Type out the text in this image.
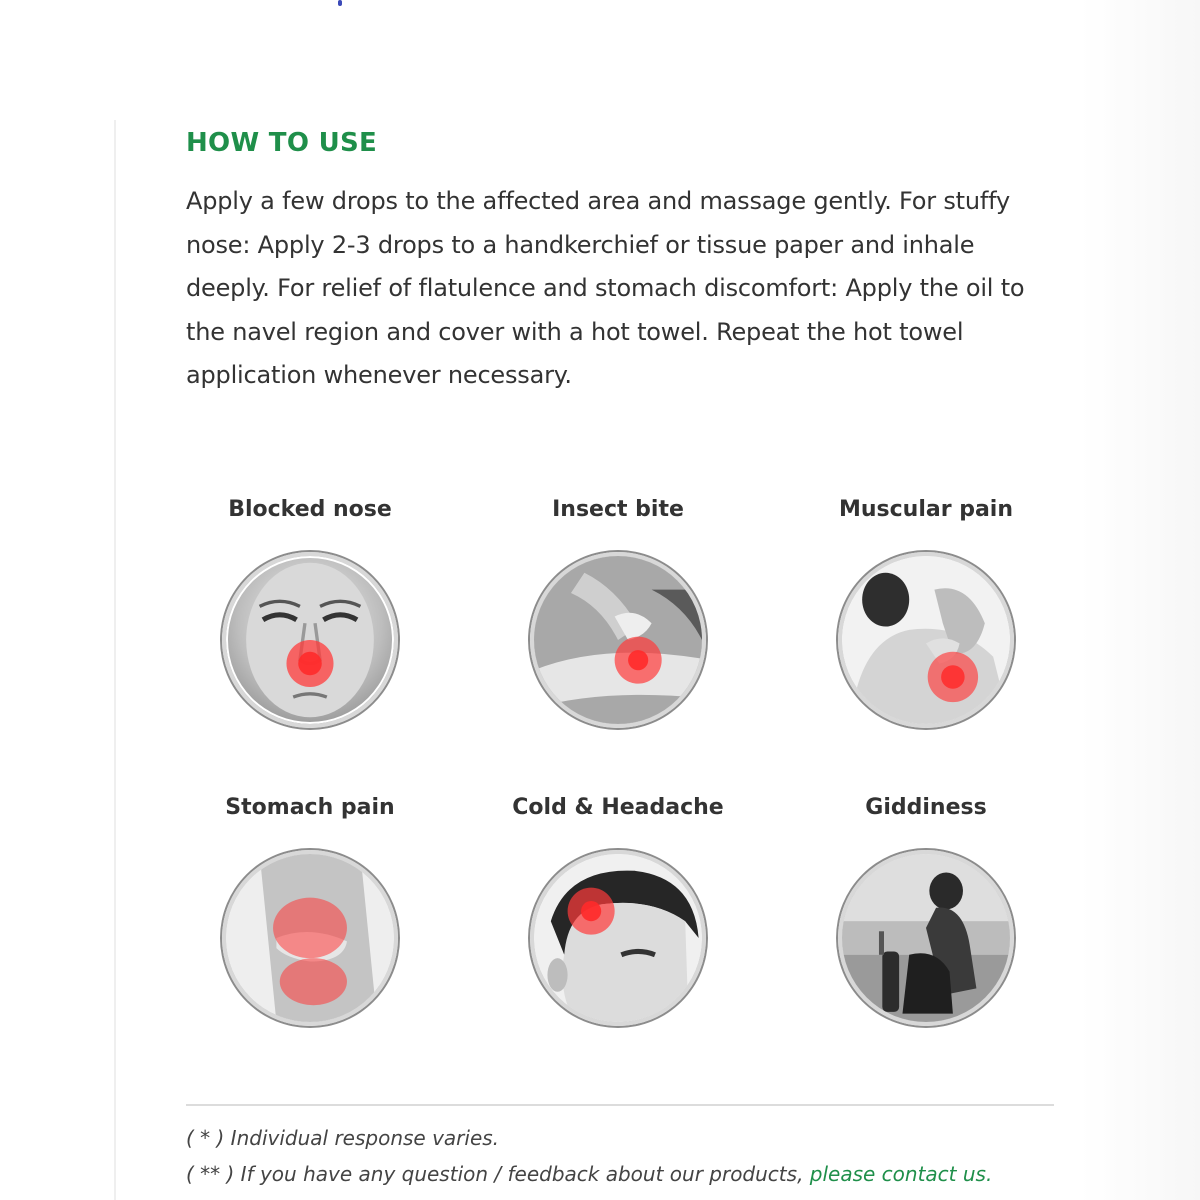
HOW TO USE

Apply a few drops to the affected area and massage gently. For stuffy nose: Apply 2-3 drops to a handkerchief or tissue paper and inhale deeply. For relief of flatulence and stomach discomfort: Apply the oil to the navel region and cover with a hot towel. Repeat the hot towel application whenever necessary.

Blocked nose	Insect bite	Muscular pain
Stomach pain	Cold & Headache	Giddiness
( * ) Individual response varies.
( ** ) If you have any question / feedback about our products, please contact us.
